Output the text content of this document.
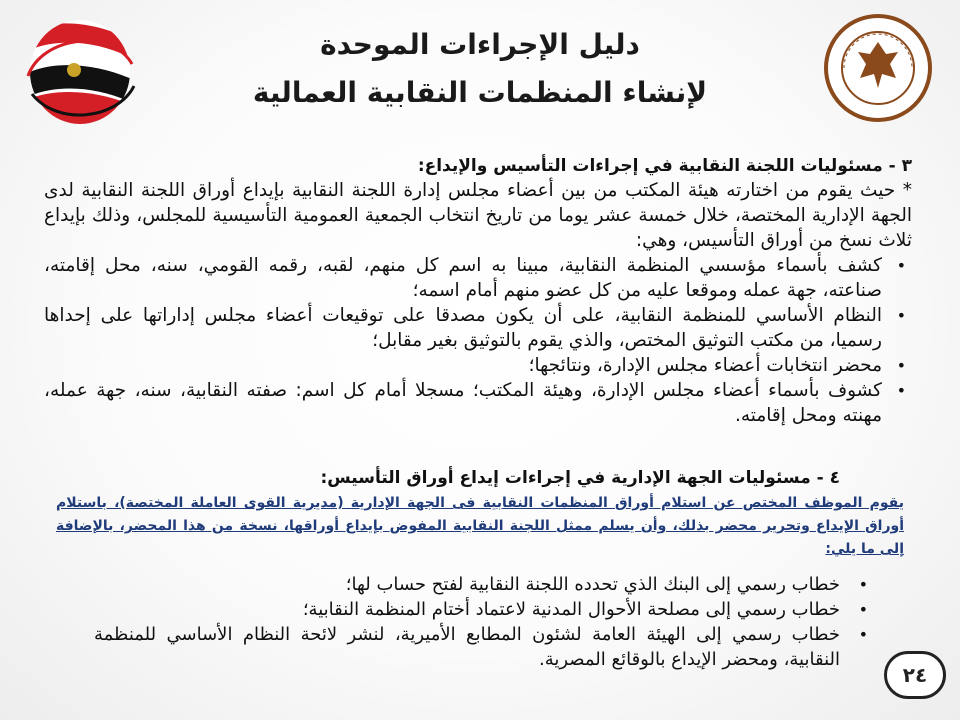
دليل الإجراءات الموحدة
لإنشاء المنظمات النقابية العمالية

٣ - مسئوليات اللجنة النقابية في إجراءات التأسيس والإيداع:

* حيث يقوم من اختارته هيئة المكتب من بين أعضاء مجلس إدارة اللجنة النقابية بإيداع أوراق اللجنة النقابية لدى الجهة الإدارية المختصة، خلال خمسة عشر يوما من تاريخ انتخاب الجمعية العمومية التأسيسية للمجلس، وذلك بإيداع ثلاث نسخ من أوراق التأسيس، وهي:

•
كشف بأسماء مؤسسي المنظمة النقابية، مبينا به اسم كل منهم، لقبه، رقمه القومي، سنه، محل إقامته، صناعته، جهة عمله وموقعا عليه من كل عضو منهم أمام اسمه؛
•
النظام الأساسي للمنظمة النقابية، على أن يكون مصدقا على توقيعات أعضاء مجلس إداراتها على إحداها رسميا، من مكتب التوثيق المختص، والذي يقوم بالتوثيق بغير مقابل؛
•
محضر انتخابات أعضاء مجلس الإدارة، ونتائجها؛
•
كشوف بأسماء أعضاء مجلس الإدارة، وهيئة المكتب؛ مسجلا أمام كل اسم: صفته النقابية، سنه، جهة عمله، مهنته ومحل إقامته.

٤ - مسئوليات الجهة الإدارية في إجراءات إيداع أوراق التأسيس:

يقوم الموظف المختص عن استلام أوراق المنظمات النقابية فى الجهة الإدارية (مديرية القوى العاملة المختصة)، باستلام أوراق الإيداع وتحرير محضر بذلك، وأن يسلم ممثل اللجنة النقابية المفوض بإيداع أوراقها، نسخة من هذا المحضر، بالإضافة إلى ما يلي:

•
خطاب رسمي إلى البنك الذي تحدده اللجنة النقابية لفتح حساب لها؛
•
خطاب رسمي إلى مصلحة الأحوال المدنية لاعتماد أختام المنظمة النقابية؛
•
خطاب رسمي إلى الهيئة العامة لشئون المطابع الأميرية، لنشر لائحة النظام الأساسي للمنظمة النقابية، ومحضر الإيداع بالوقائع المصرية.
٢٤
